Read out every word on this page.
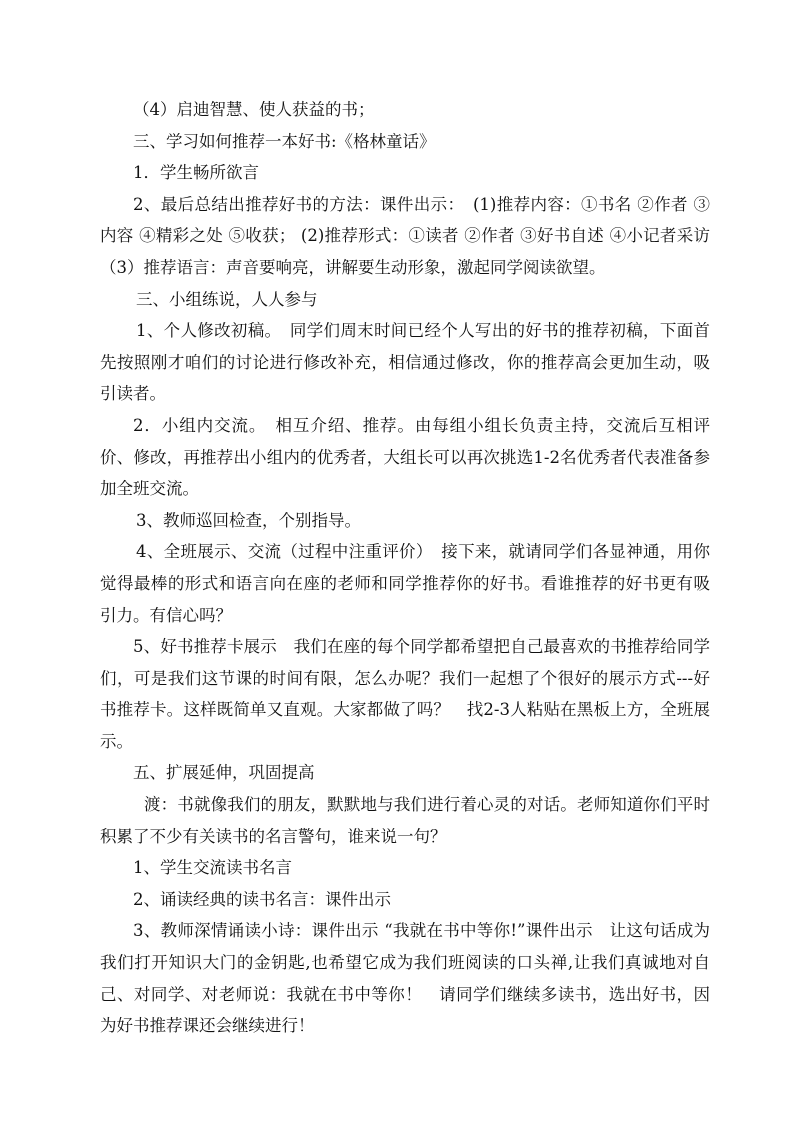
（4）启迪智慧、使人获益的书；

三、学习如何推荐一本好书:《格林童话》

1．学生畅所欲言

2、最后总结出推荐好书的方法：课件出示：　(1)推荐内容：①书名 ②作者 ③内容 ④精彩之处 ⑤收获； (2)推荐形式：①读者 ②作者 ③好书自述 ④小记者采访 （3）推荐语言：声音要响亮，讲解要生动形象，激起同学阅读欲望。

三、小组练说，人人参与

1、个人修改初稿。　同学们周末时间已经个人写出的好书的推荐初稿，下面首先按照刚才咱们的讨论进行修改补充，相信通过修改，你的推荐高会更加生动，吸引读者。

2．小组内交流。　相互介绍、推荐。由每组小组长负责主持，交流后互相评价、修改，再推荐出小组内的优秀者，大组长可以再次挑选1-2名优秀者代表准备参加全班交流。

3、教师巡回检查，个别指导。

4、全班展示、交流（过程中注重评价）　接下来，就请同学们各显神通，用你觉得最棒的形式和语言向在座的老师和同学推荐你的好书。看谁推荐的好书更有吸引力。有信心吗？

5、好书推荐卡展示　我们在座的每个同学都希望把自己最喜欢的书推荐给同学们，可是我们这节课的时间有限，怎么办呢？我们一起想了个很好的展示方式---好书推荐卡。这样既简单又直观。大家都做了吗？　找2-3人粘贴在黑板上方，全班展示。

五、扩展延伸，巩固提高

渡：书就像我们的朋友，默默地与我们进行着心灵的对话。老师知道你们平时积累了不少有关读书的名言警句，谁来说一句？

1、学生交流读书名言

2、诵读经典的读书名言：课件出示

3、教师深情诵读小诗：课件出示 “我就在书中等你!”课件出示　让这句话成为我们打开知识大门的金钥匙,也希望它成为我们班阅读的口头禅,让我们真诚地对自己、对同学、对老师说：我就在书中等你！　请同学们继续多读书，选出好书，因为好书推荐课还会继续进行！
